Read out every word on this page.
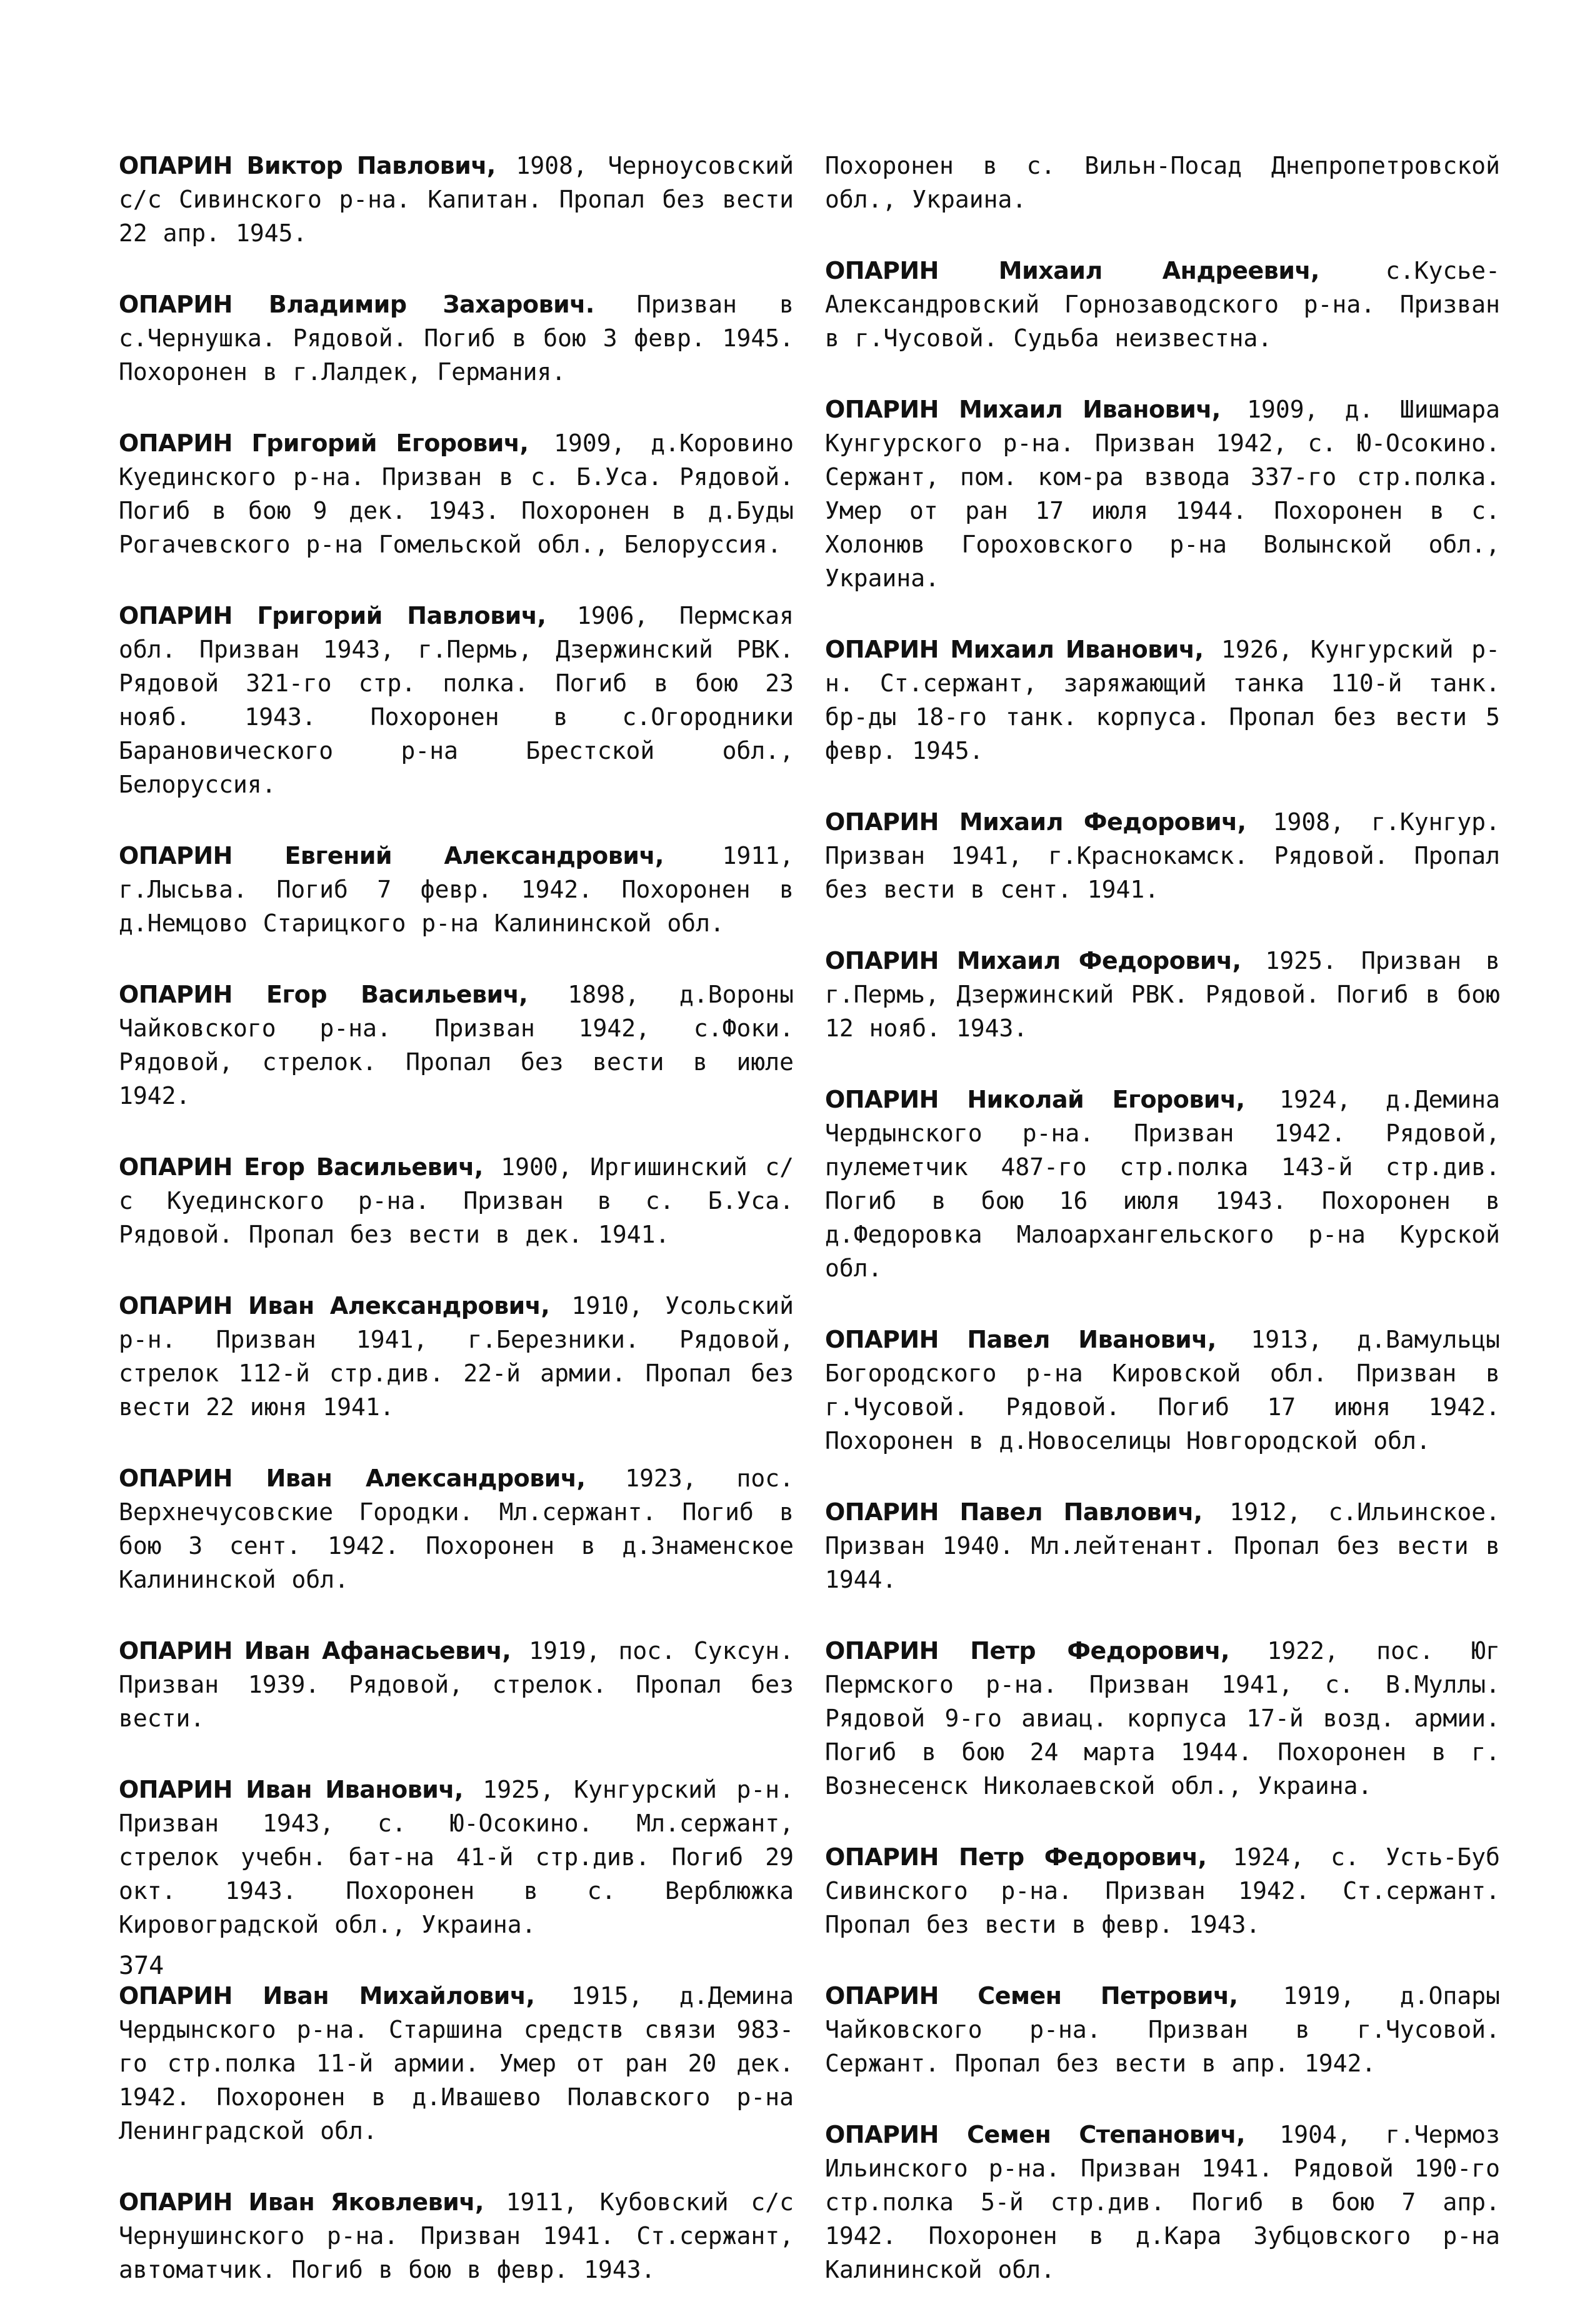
ОПАРИН Виктор Павлович, 1908, Черноусовский с/с Сивинского р-на. Капитан. Пропал без вести 22 апр. 1945.

ОПАРИН Владимир Захарович. Призван в с.Чернушка. Рядовой. Погиб в бою 3 февр. 1945. Похоронен в г.Лалдек, Германия.

ОПАРИН Григорий Егорович, 1909, д.Коровино Куединского р-на. Призван в с. Б.Уса. Рядовой. Погиб в бою 9 дек. 1943. Похоронен в д.Буды Рогачевского р-на Гомельской обл., Белоруссия.

ОПАРИН Григорий Павлович, 1906, Пермская обл. Призван 1943, г.Пермь, Дзержинский РВК. Рядовой 321-го стр. полка. Погиб в бою 23 нояб. 1943. Похоронен в с.Огородники Барановического р-на Брестской обл., Белоруссия.

ОПАРИН Евгений Александрович, 1911, г.Лысьва. Погиб 7 февр. 1942. Похоронен в д.Немцово Старицкого р-на Калининской обл.

ОПАРИН Егор Васильевич, 1898, д.Вороны Чайковского р-на. Призван 1942, с.Фоки. Рядовой, стрелок. Пропал без вести в июле 1942.

ОПАРИН Егор Васильевич, 1900, Иргишинский с/с Куединского р-на. Призван в с. Б.Уса. Рядовой. Пропал без вести в дек. 1941.

ОПАРИН Иван Александрович, 1910, Усольский р-н. Призван 1941, г.Березники. Рядовой, стрелок 112-й стр.див. 22-й армии. Пропал без вести 22 июня 1941.

ОПАРИН Иван Александрович, 1923, пос. Верхнечусовские Городки. Мл.сержант. Погиб в бою 3 сент. 1942. Похоронен в д.Знаменское Калининской обл.

ОПАРИН Иван Афанасьевич, 1919, пос. Суксун. Призван 1939. Рядовой, стрелок. Пропал без вести.

ОПАРИН Иван Иванович, 1925, Кунгурский р-н. Призван 1943, с. Ю-Осокино. Мл.сержант, стрелок учебн. бат-на 41-й стр.див. Погиб 29 окт. 1943. Похоронен в с. Верблюжка Кировоградской обл., Украина.

ОПАРИН Иван Михайлович, 1915, д.Демина Чердынского р-на. Старшина средств связи 983-го стр.полка 11-й армии. Умер от ран 20 дек. 1942. Похоронен в д.Ивашево Полавского р-на Ленинградской обл.

ОПАРИН Иван Яковлевич, 1911, Кубовский с/с Чернушинского р-на. Призван 1941. Ст.сержант, автоматчик. Погиб в бою в февр. 1943.

Похоронен в с. Вильн-Посад Днепропетровской обл., Украина.

ОПАРИН Михаил Андреевич, с.Кусье-Александровский Горнозаводского р-на. Призван в г.Чусовой. Судьба неизвестна.

ОПАРИН Михаил Иванович, 1909, д. Шишмара Кунгурского р-на. Призван 1942, с. Ю-Осокино. Сержант, пом. ком-ра взвода 337-го стр.полка. Умер от ран 17 июля 1944. Похоронен в с. Холонюв Гороховского р-на Волынской обл., Украина.

ОПАРИН Михаил Иванович, 1926, Кунгурский р-н. Ст.сержант, заряжающий танка 110-й танк. бр-ды 18-го танк. корпуса. Пропал без вести 5 февр. 1945.

ОПАРИН Михаил Федорович, 1908, г.Кунгур. Призван 1941, г.Краснокамск. Рядовой. Пропал без вести в сент. 1941.

ОПАРИН Михаил Федорович, 1925. Призван в г.Пермь, Дзержинский РВК. Рядовой. Погиб в бою 12 нояб. 1943.

ОПАРИН Николай Егорович, 1924, д.Демина Чердынского р-на. Призван 1942. Рядовой, пулеметчик 487-го стр.полка 143-й стр.див. Погиб в бою 16 июля 1943. Похоронен в д.Федоровка Малоархангельского р-на Курской обл.

ОПАРИН Павел Иванович, 1913, д.Вамульцы Богородского р-на Кировской обл. Призван в г.Чусовой. Рядовой. Погиб 17 июня 1942. Похоронен в д.Новоселицы Новгородской обл.

ОПАРИН Павел Павлович, 1912, с.Ильинское. Призван 1940. Мл.лейтенант. Пропал без вести в 1944.

ОПАРИН Петр Федорович, 1922, пос. Юг Пермского р-на. Призван 1941, с. В.Муллы. Рядовой 9-го авиац. корпуса 17-й возд. армии. Погиб в бою 24 марта 1944. Похоронен в г. Вознесенск Николаевской обл., Украина.

ОПАРИН Петр Федорович, 1924, с. Усть-Буб Сивинского р-на. Призван 1942. Ст.сержант. Пропал без вести в февр. 1943.

ОПАРИН Семен Петрович, 1919, д.Опары Чайковского р-на. Призван в г.Чусовой. Сержант. Пропал без вести в апр. 1942.

ОПАРИН Семен Степанович, 1904, г.Чермоз Ильинского р-на. Призван 1941. Рядовой 190-го стр.полка 5-й стр.див. Погиб в бою 7 апр. 1942. Похоронен в д.Кара Зубцовского р-на Калининской обл.

374
